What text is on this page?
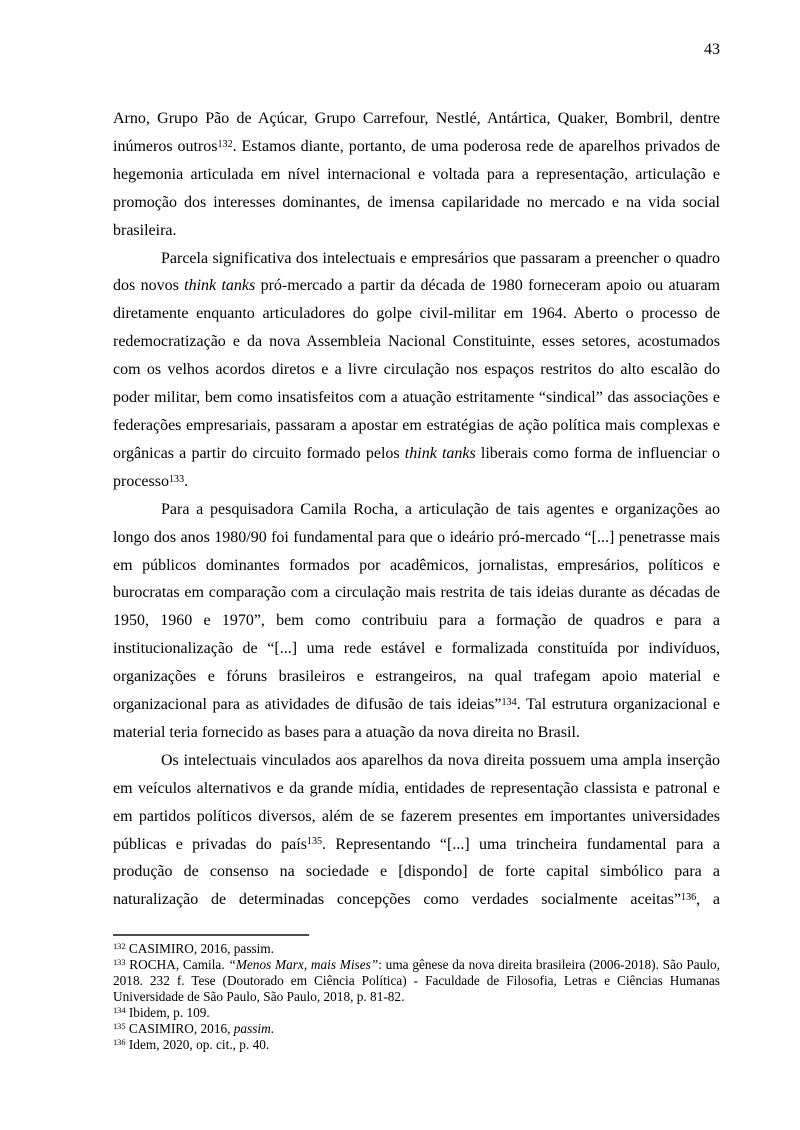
43

Arno, Grupo Pão de Açúcar, Grupo Carrefour, Nestlé, Antártica, Quaker, Bombril, dentre inúmeros outros$^{132}$. Estamos diante, portanto, de uma poderosa rede de aparelhos privados de hegemonia articulada em nível internacional e voltada para a representação, articulação e promoção dos interesses dominantes, de imensa capilaridade no mercado e na vida social brasileira.

Parcela significativa dos intelectuais e empresários que passaram a preencher o quadro dos novos think tanks pró-mercado a partir da década de 1980 forneceram apoio ou atuaram diretamente enquanto articuladores do golpe civil-militar em 1964. Aberto o processo de redemocratização e da nova Assembleia Nacional Constituinte, esses setores, acostumados com os velhos acordos diretos e a livre circulação nos espaços restritos do alto escalão do poder militar, bem como insatisfeitos com a atuação estritamente “sindical” das associações e federações empresariais, passaram a apostar em estratégias de ação política mais complexas e orgânicas a partir do circuito formado pelos think tanks liberais como forma de influenciar o processo$^{133}$.

Para a pesquisadora Camila Rocha, a articulação de tais agentes e organizações ao longo dos anos 1980/90 foi fundamental para que o ideário pró-mercado “[...] penetrasse mais em públicos dominantes formados por acadêmicos, jornalistas, empresários, políticos e burocratas em comparação com a circulação mais restrita de tais ideias durante as décadas de 1950, 1960 e 1970”, bem como contribuiu para a formação de quadros e para a institucionalização de “[...] uma rede estável e formalizada constituída por indivíduos, organizações e fóruns brasileiros e estrangeiros, na qual trafegam apoio material e organizacional para as atividades de difusão de tais ideias”$^{134}$. Tal estrutura organizacional e material teria fornecido as bases para a atuação da nova direita no Brasil.

Os intelectuais vinculados aos aparelhos da nova direita possuem uma ampla inserção em veículos alternativos e da grande mídia, entidades de representação classista e patronal e em partidos políticos diversos, além de se fazerem presentes em importantes universidades públicas e privadas do país$^{135}$. Representando “[...] uma trincheira fundamental para a produção de consenso na sociedade e [dispondo] de forte capital simbólico para a naturalização de determinadas concepções como verdades socialmente aceitas”$^{136}$, a

$^{132}$ CASIMIRO, 2016, passim.

$^{133}$ ROCHA, Camila. “Menos Marx, mais Mises”: uma gênese da nova direita brasileira (2006-2018). São Paulo, 2018. 232 f. Tese (Doutorado em Ciência Política) - Faculdade de Filosofia, Letras e Ciências Humanas Universidade de São Paulo, São Paulo, 2018, p. 81-82.

$^{134}$ Ibidem, p. 109.

$^{135}$ CASIMIRO, 2016, passim.

$^{136}$ Idem, 2020, op. cit., p. 40.
